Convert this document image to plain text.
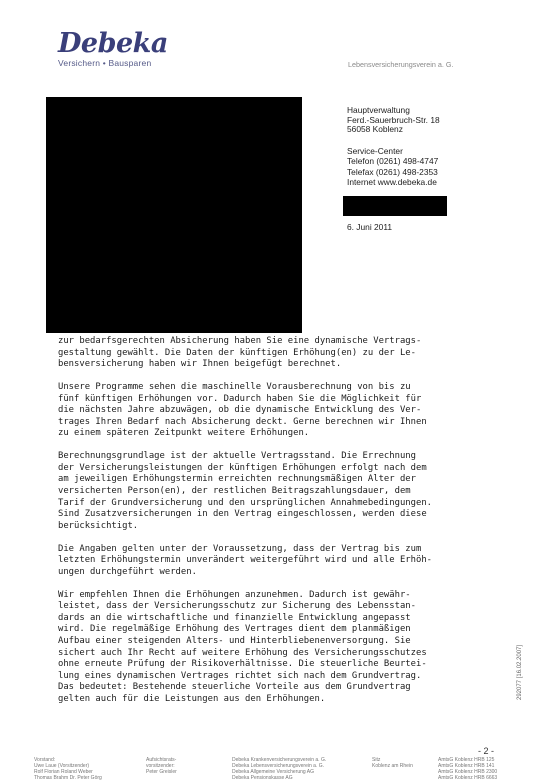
Debeka
Versichern • Bausparen	Lebensversicherungsverein a. G.
Hauptverwaltung
Ferd.-Sauerbruch-Str. 18
56058 Koblenz
Service-Center
Telefon (0261) 498-4747
Telefax (0261) 498-2353
Internet www.debeka.de
6. Juni 2011
zur bedarfsgerechten Absicherung haben Sie eine dynamische Vertrags-
gestaltung gewählt. Die Daten der künftigen Erhöhung(en) zu der Le-
bensversicherung haben wir Ihnen beigefügt berechnet.
Unsere Programme sehen die maschinelle Vorausberechnung von bis zu
fünf künftigen Erhöhungen vor. Dadurch haben Sie die Möglichkeit für
die nächsten Jahre abzuwägen, ob die dynamische Entwicklung des Ver-
trages Ihren Bedarf nach Absicherung deckt. Gerne berechnen wir Ihnen
zu einem späteren Zeitpunkt weitere Erhöhungen.
Berechnungsgrundlage ist der aktuelle Vertragsstand. Die Errechnung
der Versicherungsleistungen der künftigen Erhöhungen erfolgt nach dem
am jeweiligen Erhöhungstermin erreichten rechnungsmäßigen Alter der
versicherten Person(en), der restlichen Beitragszahlungsdauer, dem
Tarif der Grundversicherung und den ursprünglichen Annahmebedingungen.
Sind Zusatzversicherungen in den Vertrag eingeschlossen, werden diese
berücksichtigt.
Die Angaben gelten unter der Voraussetzung, dass der Vertrag bis zum
letzten Erhöhungstermin unverändert weitergeführt wird und alle Erhöh-
ungen durchgeführt werden.
Wir empfehlen Ihnen die Erhöhungen anzunehmen. Dadurch ist gewähr-
leistet, dass der Versicherungsschutz zur Sicherung des Lebensstan-
dards an die wirtschaftliche und finanzielle Entwicklung angepasst
wird. Die regelmäßige Erhöhung des Vertrages dient dem planmäßigen
Aufbau einer steigenden Alters- und Hinterbliebenenversorgung. Sie
sichert auch Ihr Recht auf weitere Erhöhung des Versicherungsschutzes
ohne erneute Prüfung der Risikoverhältnisse. Die steuerliche Beurtei-
lung eines dynamischen Vertrages richtet sich nach dem Grundvertrag.
Das bedeutet: Bestehende steuerliche Vorteile aus dem Grundvertrag
gelten auch für die Leistungen aus den Erhöhungen.
- 2 -
292077 [16.02.2007]
Vorstand:
Uwe Laue (Vorsitzender)
Rolf Florian Roland Weber
Thomas Brahm Dr. Peter Görg
Aufsichtsrats-
vorsitzender:
Peter Greisler
Debeka Krankenversicherungsverein a. G.
Debeka Lebensversicherungsverein a. G.
Debeka Allgemeine Versicherung AG
Debeka Pensionskasse AG
Sitz
Koblenz am Rhein
AmtsG Koblenz HRB 125
AmtsG Koblenz HRB 141
AmtsG Koblenz HRB 2300
AmtsG Koblenz HRB 6663
